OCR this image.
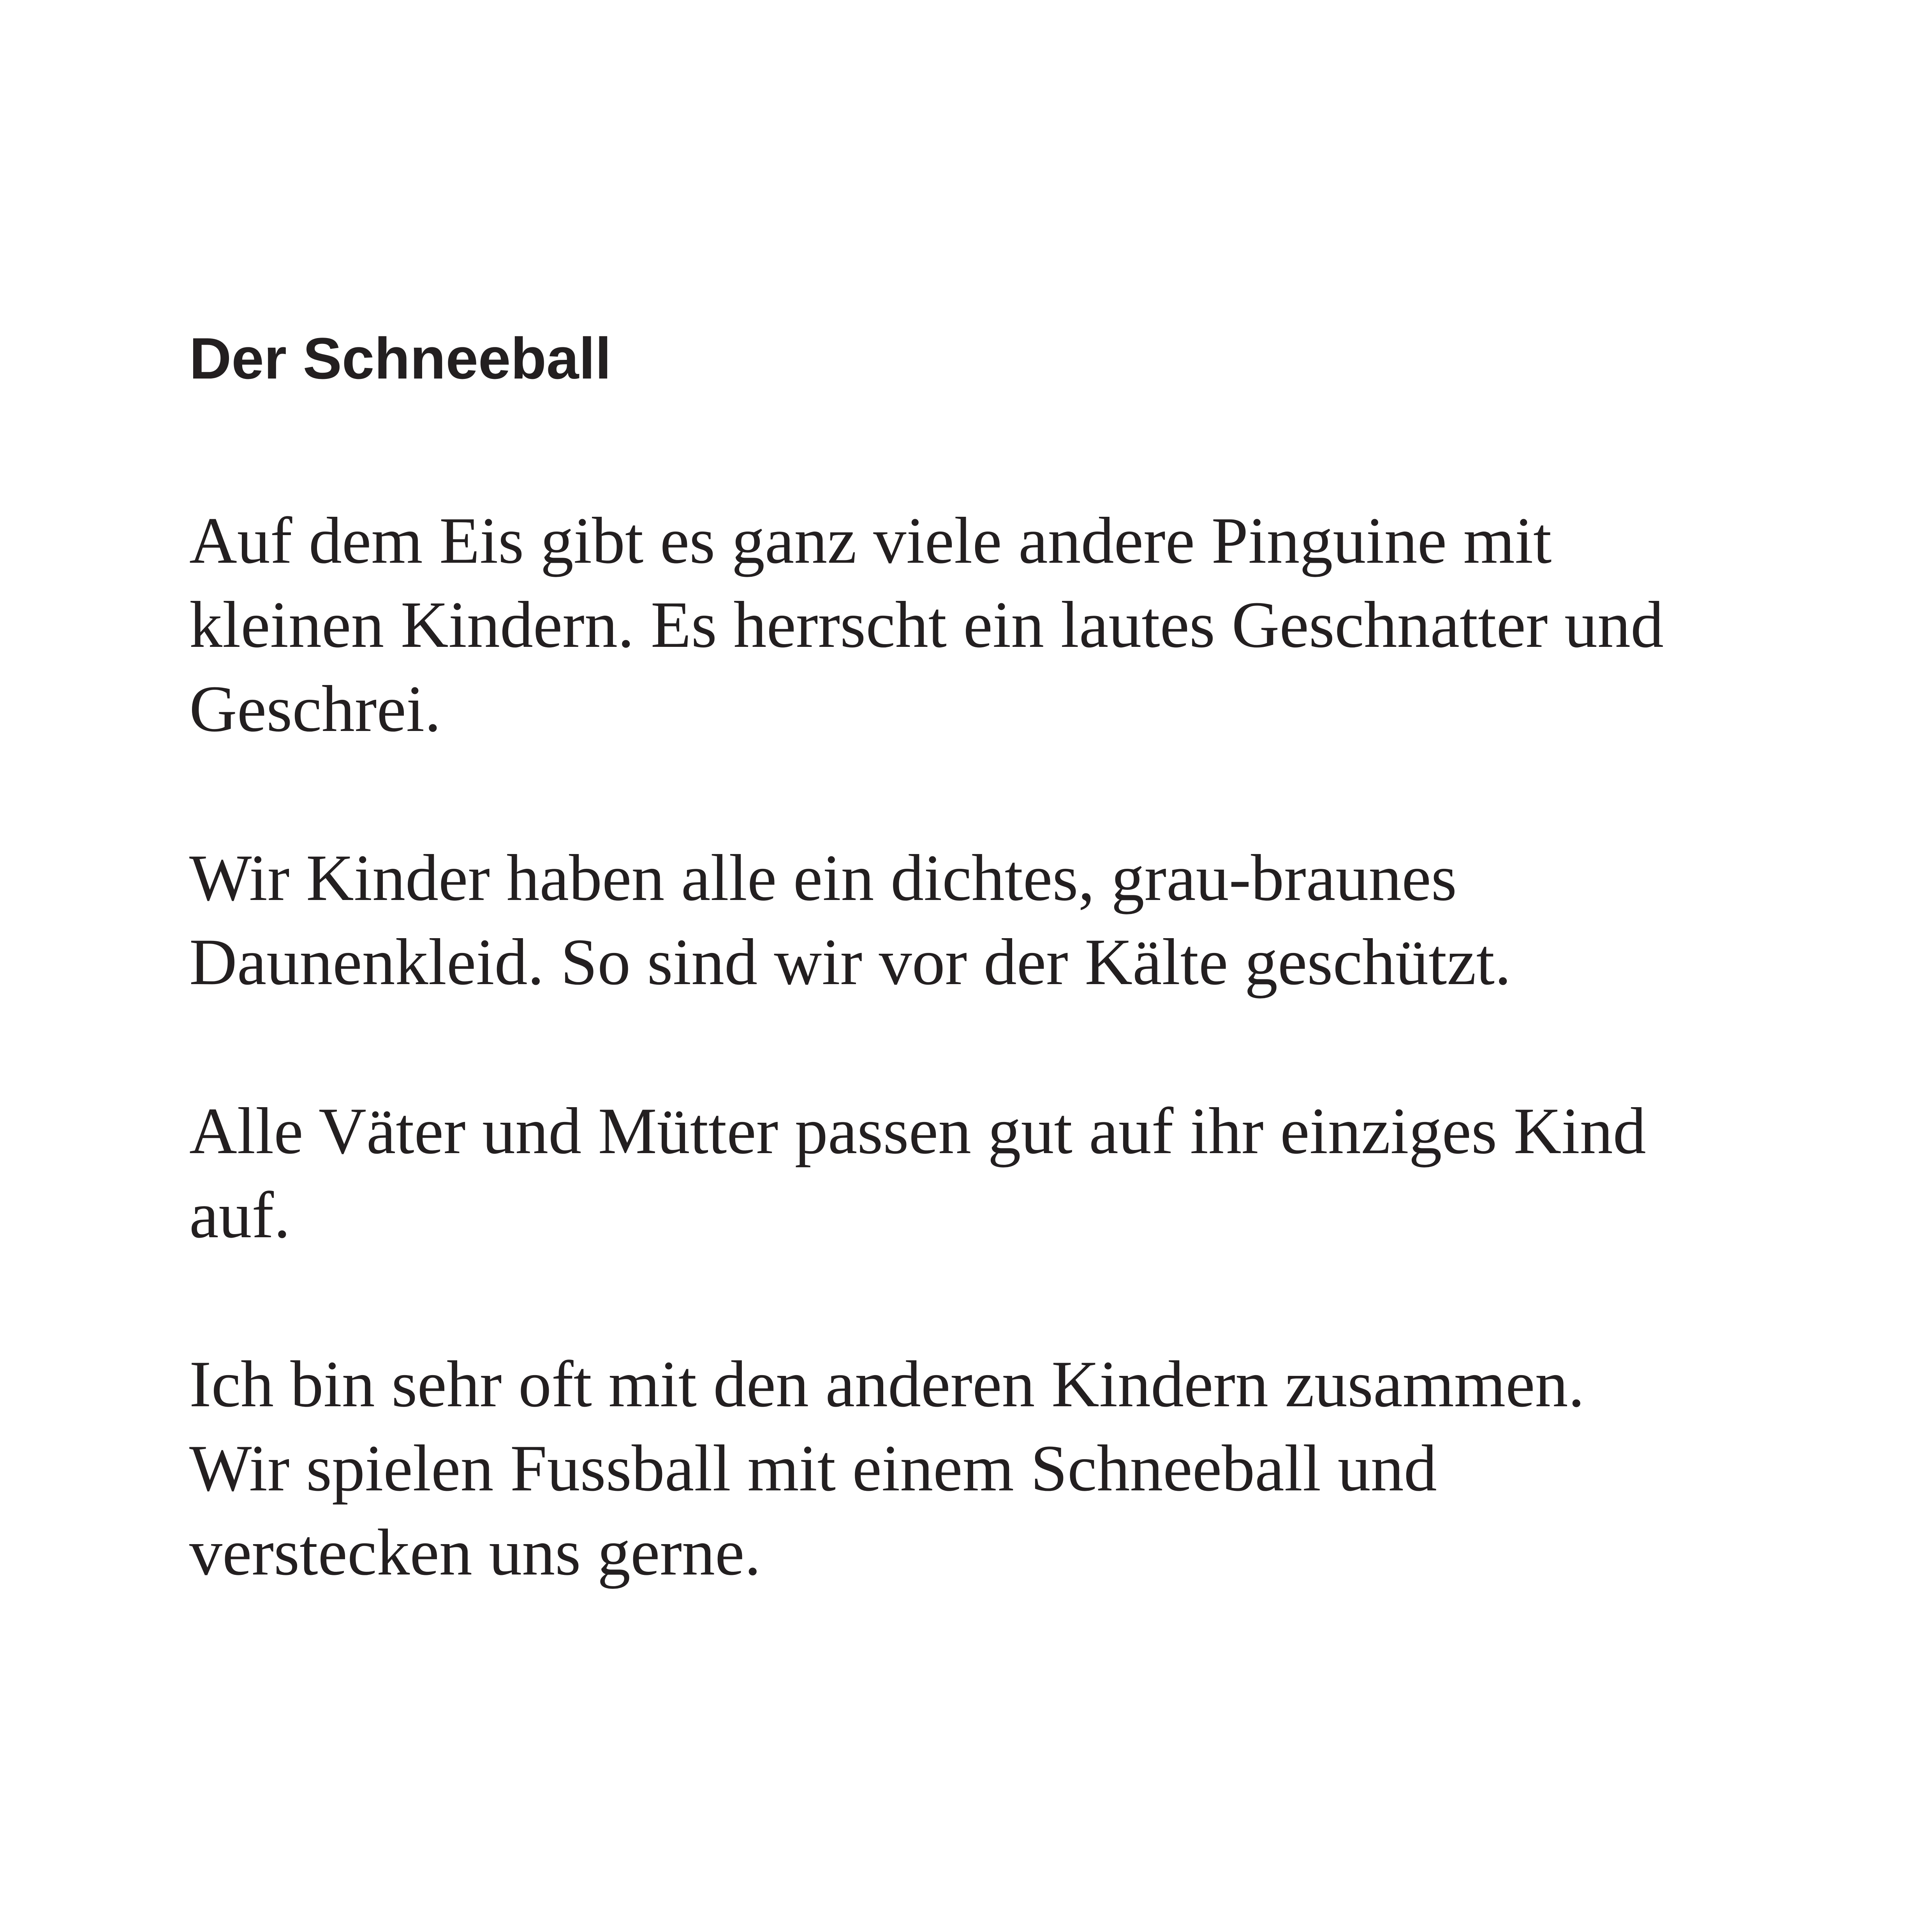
Der Schneeball

Auf dem Eis gibt es ganz viele andere Pinguine mit
kleinen Kindern. Es herrscht ein lautes Geschnatter und
Geschrei.

Wir Kinder haben alle ein dichtes, grau-braunes
Daunenkleid. So sind wir vor der Kälte geschützt.

Alle Väter und Mütter passen gut auf ihr einziges Kind
auf.

Ich bin sehr oft mit den anderen Kindern zusammen.
Wir spielen Fussball mit einem Schneeball und
verstecken uns gerne.
